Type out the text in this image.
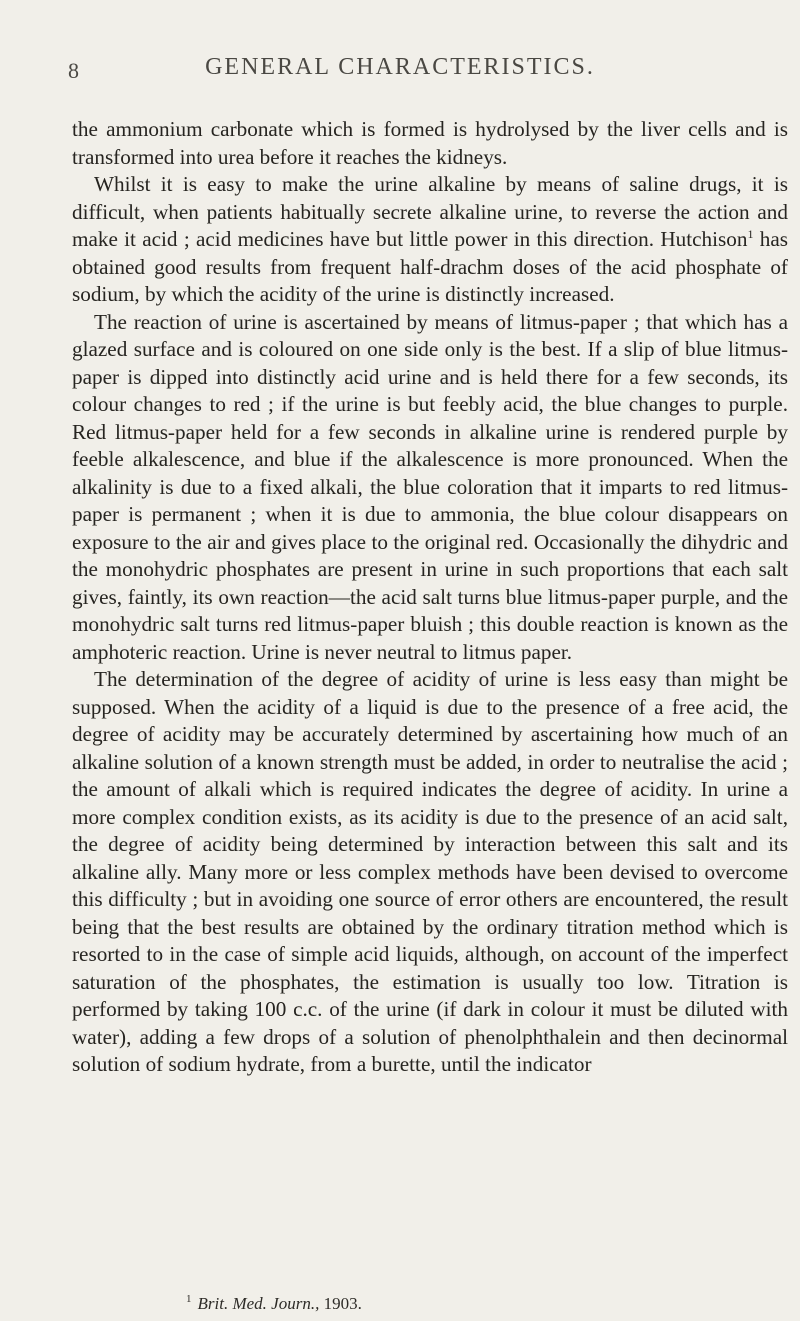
8	GENERAL CHARACTERISTICS.

the ammonium carbonate which is formed is hydrolysed by the liver cells and is transformed into urea before it reaches the kidneys.

Whilst it is easy to make the urine alkaline by means of saline drugs, it is difficult, when patients habitually secrete alkaline urine, to reverse the action and make it acid ; acid medicines have but little power in this direction. Hutchison$^1$ has obtained good results from frequent half-drachm doses of the acid phosphate of sodium, by which the acidity of the urine is distinctly increased.

The reaction of urine is ascertained by means of litmus-paper ; that which has a glazed surface and is coloured on one side only is the best. If a slip of blue litmus-paper is dipped into distinctly acid urine and is held there for a few seconds, its colour changes to red ; if the urine is but feebly acid, the blue changes to purple. Red litmus-paper held for a few seconds in alkaline urine is rendered purple by feeble alkalescence, and blue if the alkalescence is more pronounced. When the alkalinity is due to a fixed alkali, the blue coloration that it imparts to red litmus-paper is permanent ; when it is due to ammonia, the blue colour disappears on exposure to the air and gives place to the original red. Occasionally the dihydric and the monohydric phosphates are present in urine in such proportions that each salt gives, faintly, its own reaction—the acid salt turns blue litmus-paper purple, and the monohydric salt turns red litmus-paper bluish ; this double reaction is known as the amphoteric reaction. Urine is never neutral to litmus paper.

The determination of the degree of acidity of urine is less easy than might be supposed. When the acidity of a liquid is due to the presence of a free acid, the degree of acidity may be accurately determined by ascertaining how much of an alkaline solution of a known strength must be added, in order to neutralise the acid ; the amount of alkali which is required indicates the degree of acidity. In urine a more complex condition exists, as its acidity is due to the presence of an acid salt, the degree of acidity being determined by interaction between this salt and its alkaline ally. Many more or less complex methods have been devised to overcome this difficulty ; but in avoiding one source of error others are encountered, the result being that the best results are obtained by the ordinary titration method which is resorted to in the case of simple acid liquids, although, on account of the imperfect saturation of the phosphates, the estimation is usually too low. Titration is performed by taking 100 c.c. of the urine (if dark in colour it must be diluted with water), adding a few drops of a solution of phenolphthalein and then decinormal solution of sodium hydrate, from a burette, until the indicator

$^1$ Brit. Med. Journ., 1903.
